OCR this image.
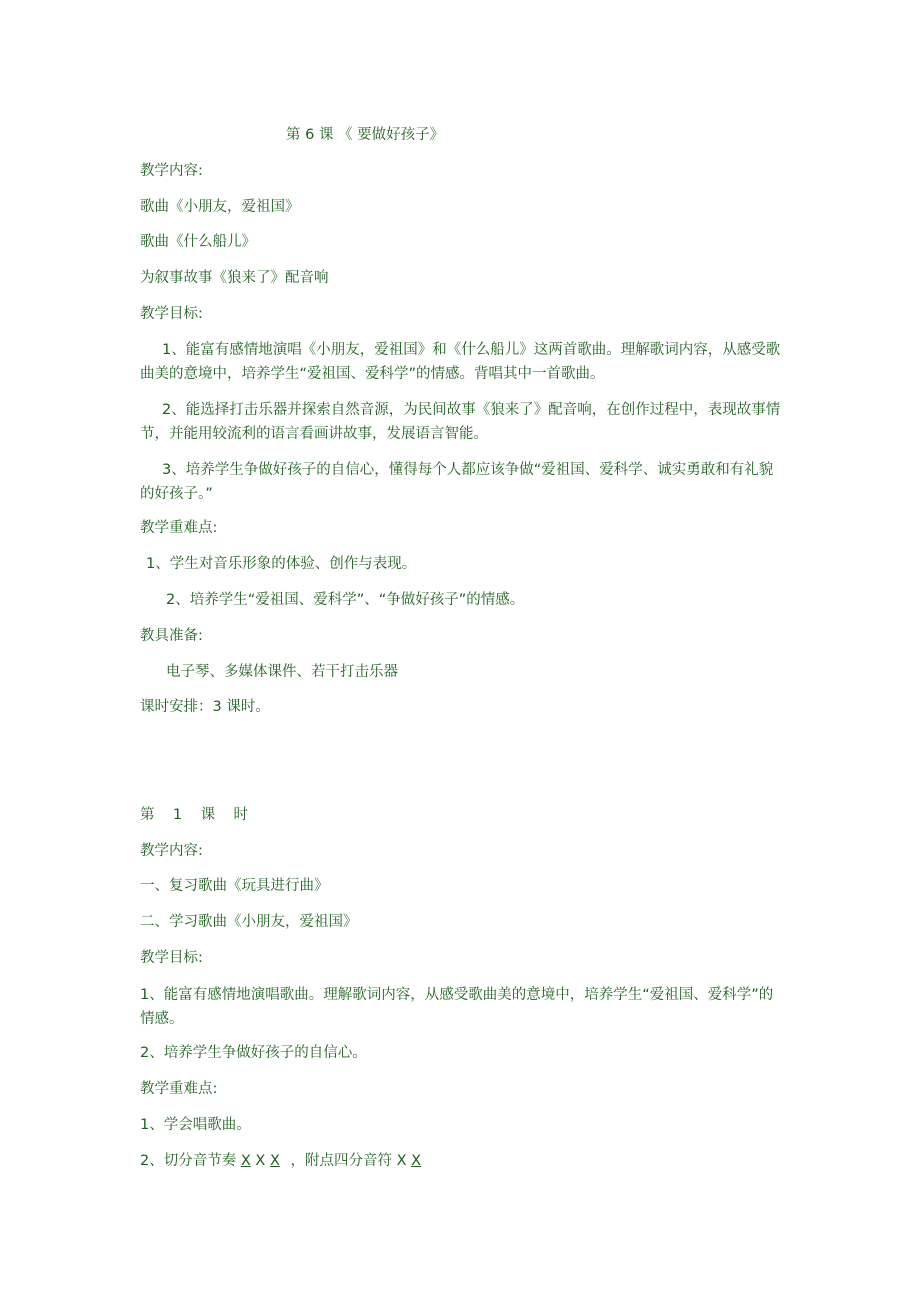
第 6 课 《 要做好孩子》
教学内容:
歌曲《小朋友，爱祖国》
歌曲《什么船儿》
为叙事故事《狼来了》配音响
教学目标:
1、能富有感情地演唱《小朋友，爱祖国》和《什么船儿》这两首歌曲。理解歌词内容，从感受歌曲美的意境中，培养学生“爱祖国、爱科学”的情感。背唱其中一首歌曲。
2、能选择打击乐器并探索自然音源，为民间故事《狼来了》配音响，在创作过程中，表现故事情节，并能用较流利的语言看画讲故事，发展语言智能。
3、培养学生争做好孩子的自信心，懂得每个人都应该争做“爱祖国、爱科学、诚实勇敢和有礼貌的好孩子。”
教学重难点:
1、学生对音乐形象的体验、创作与表现。
2、培养学生“爱祖国、爱科学”、“争做好孩子”的情感。
教具准备:
电子琴、多媒体课件、若干打击乐器
课时安排：3 课时。
第    1    课    时
教学内容:
一、复习歌曲《玩具进行曲》
二、学习歌曲《小朋友，爱祖国》
教学目标:
1、能富有感情地演唱歌曲。理解歌词内容，从感受歌曲美的意境中，培养学生“爱祖国、爱科学”的情感。
2、培养学生争做好孩子的自信心。
教学重难点:
1、学会唱歌曲。
2、切分音节奏 X X X ，附点四分音符 X X
